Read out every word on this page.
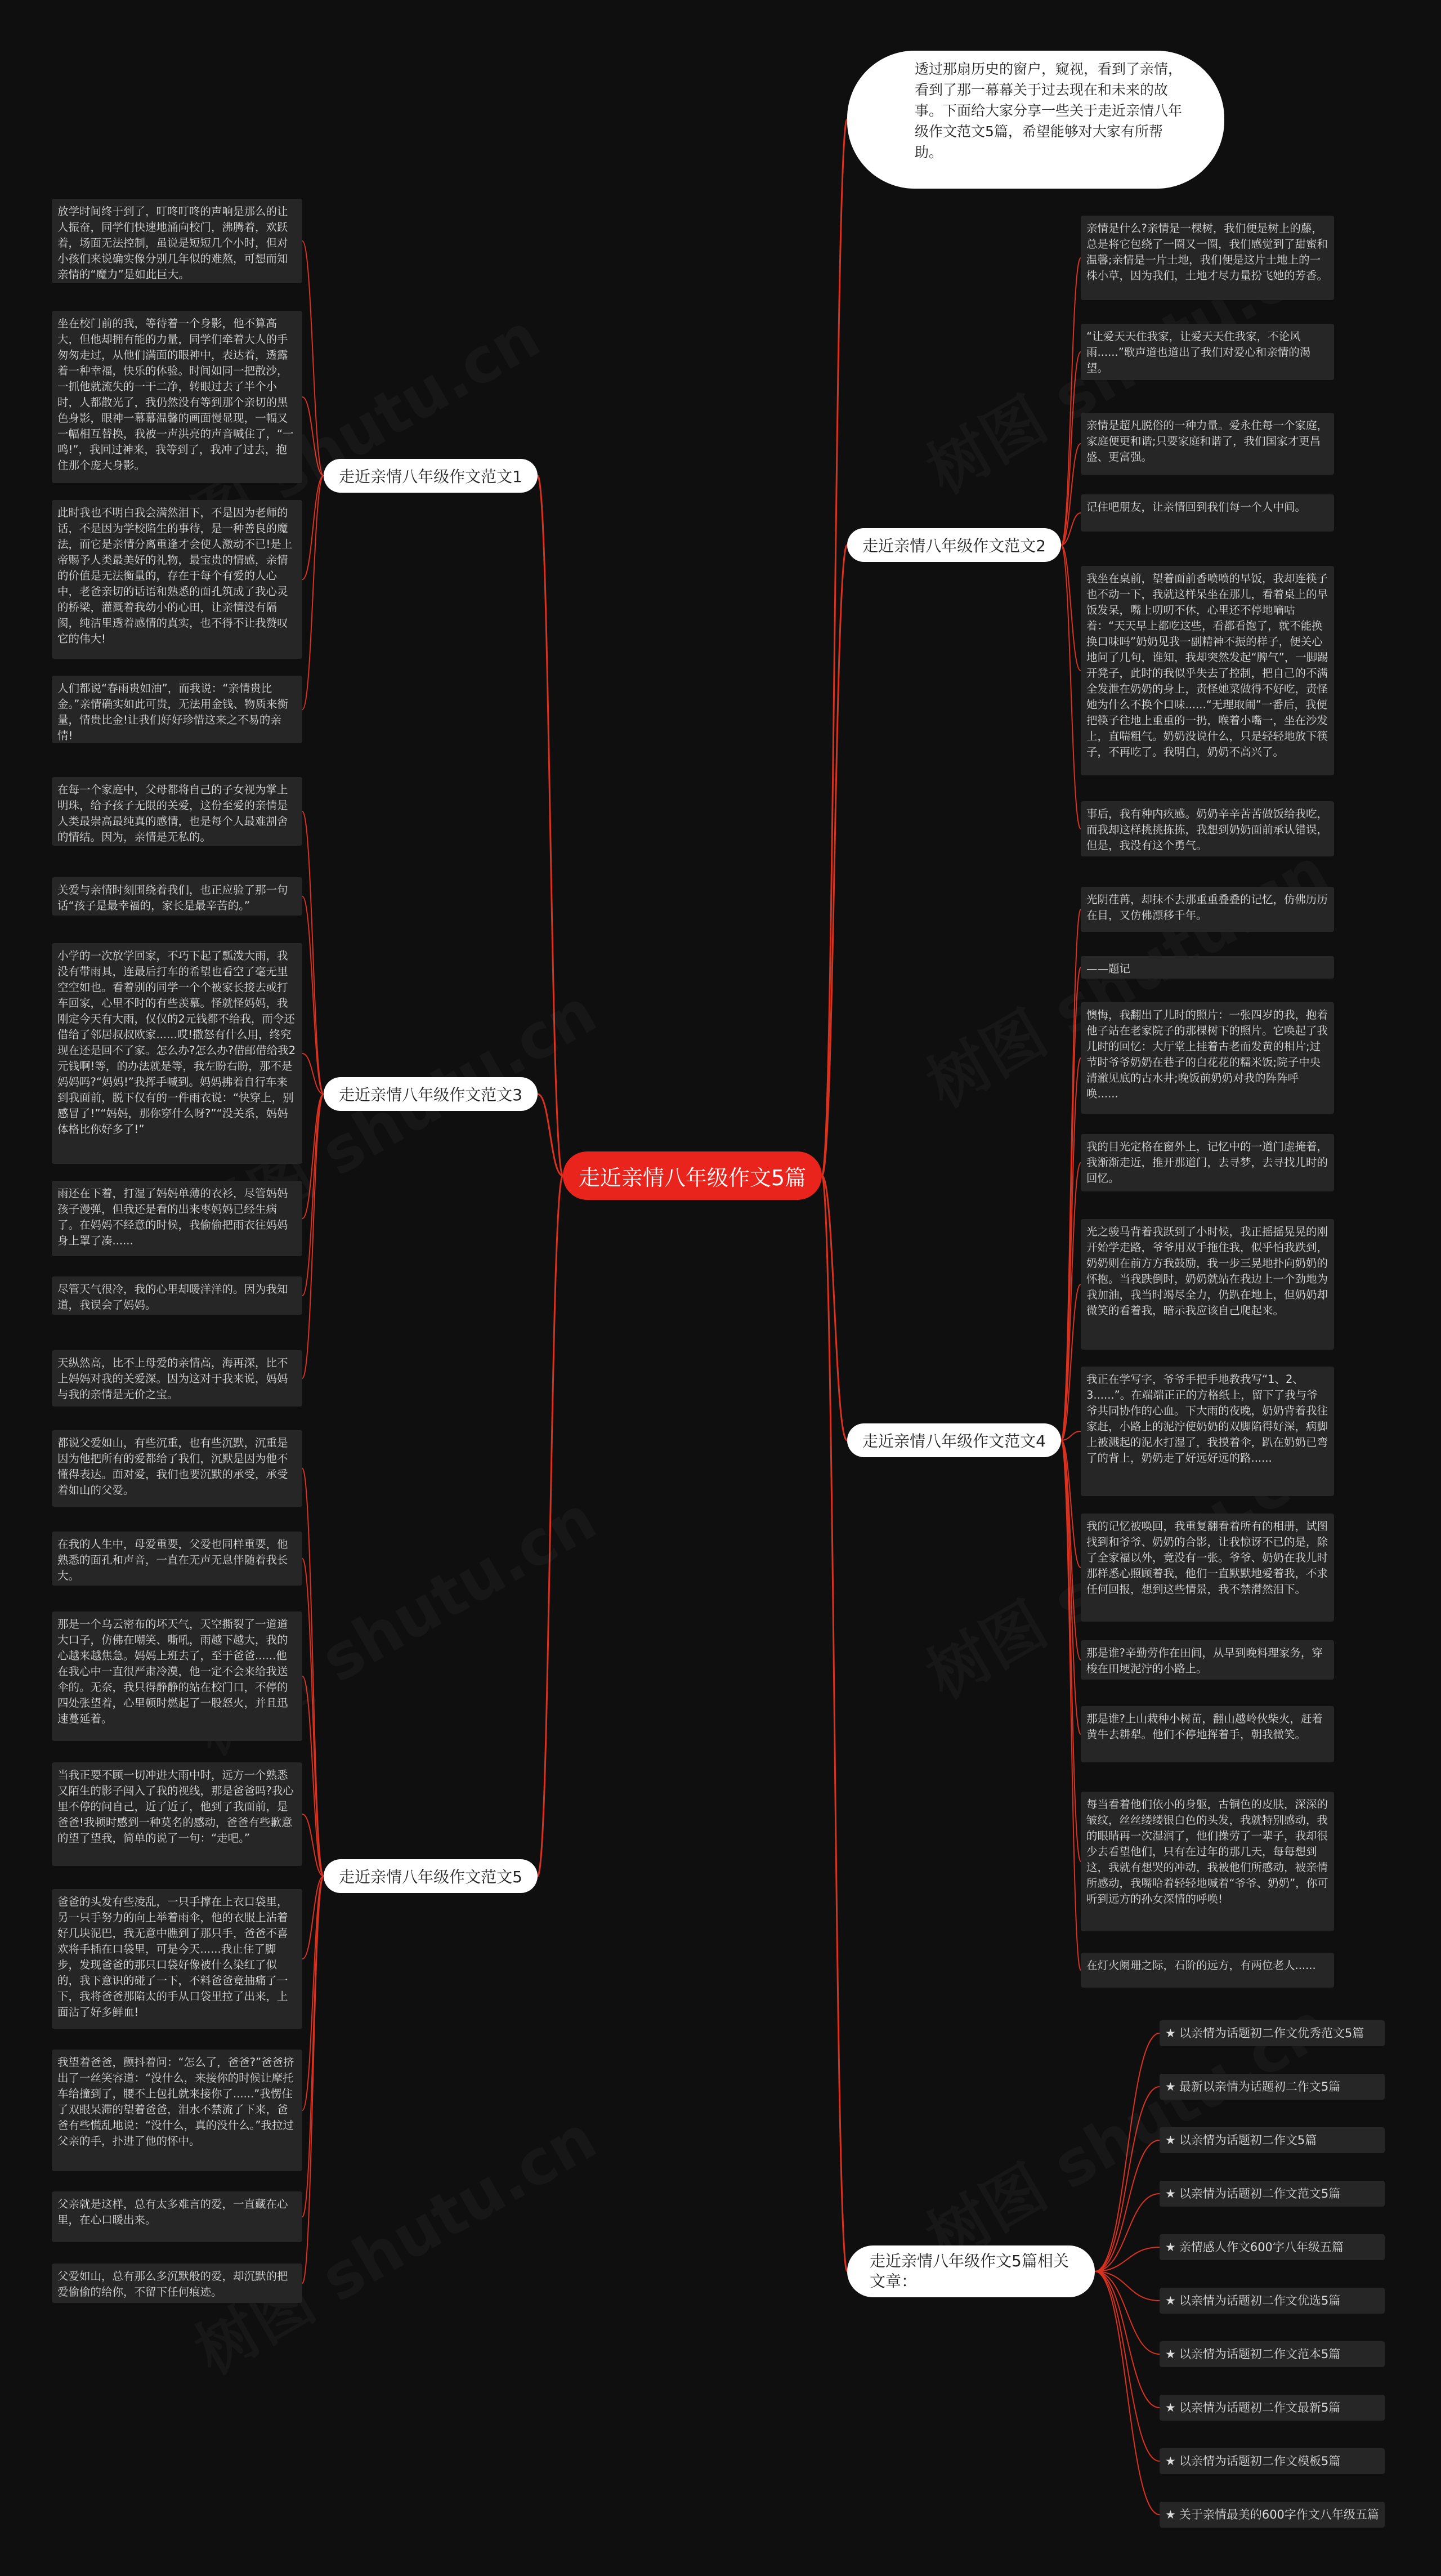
透过那扇历史的窗户，窥视，看到了亲情，看到了那一幕幕关于过去现在和未来的故事。下面给大家分享一些关于走近亲情八年级作文范文5篇，希望能够对大家有所帮助。
走近亲情八年级作文5篇
走近亲情八年级作文范文1
走近亲情八年级作文范文2
走近亲情八年级作文范文3
走近亲情八年级作文范文4
走近亲情八年级作文范文5
走近亲情八年级作文5篇相关文章：
放学时间终于到了，叮咚叮咚的声响是那么的让人振奋，同学们快速地涌向校门，沸腾着，欢跃着，场面无法控制，虽说是短短几个小时，但对小孩们来说确实像分别几年似的难熬，可想而知亲情的“魔力”是如此巨大。
坐在校门前的我，等待着一个身影，他不算高大，但他却拥有能的力量，同学们牵着大人的手匆匆走过，从他们满面的眼神中，表达着，透露着一种幸福，快乐的体验。时间如同一把散沙，一抓他就流失的一干二净，转眼过去了半个小时，人都散光了，我仍然没有等到那个亲切的黑色身影，眼神一幕幕温馨的画面慢显现，一幅又一幅相互替换，我被一声洪亮的声音喊住了，“一鸣!”，我回过神来，我等到了，我冲了过去，抱住那个庞大身影。
此时我也不明白我会满然泪下，不是因为老师的话，不是因为学校陷生的事待，是一种善良的魔法，而它是亲情分离重逢才会使人激动不已!是上帝赐予人类最美好的礼物，最宝贵的情感，亲情的价值是无法衡量的，存在于每个有爱的人心中，老爸亲切的话语和熟悉的面孔筑成了我心灵的桥梁，灌溉着我幼小的心田，让亲情没有隔阂，纯洁里透着感情的真实，也不得不让我赞叹它的伟大!
人们都说“春雨贵如油”，而我说：“亲情贵比金。”亲情确实如此可贵，无法用金钱、物质来衡量，情贵比金!让我们好好珍惜这来之不易的亲情!
亲情是什么?亲情是一棵树，我们便是树上的藤，总是将它包绕了一圈又一圈，我们感觉到了甜蜜和温馨;亲情是一片土地，我们便是这片土地上的一株小草，因为我们，土地才尽力量扮飞她的芳香。
“让爱天天住我家，让爱天天住我家，不论风雨......”歌声道也道出了我们对爱心和亲情的渴望。
亲情是超凡脱俗的一种力量。爱永住每一个家庭，家庭便更和谐;只要家庭和谐了，我们国家才更昌盛、更富强。
记住吧朋友，让亲情回到我们每一个人中间。
我坐在桌前，望着面前香喷喷的早饭，我却连筷子也不动一下，我就这样呆坐在那儿，看着桌上的早饭发呆，嘴上叨叨不休，心里还不停地嘀咕着：“天天早上都吃这些，看都看饱了，就不能换换口味吗”奶奶见我一副精神不振的样子，便关心地问了几句，谁知，我却突然发起“脾气”，一脚踢开凳子，此时的我似乎失去了控制，把自己的不满全发泄在奶奶的身上，责怪她菜做得不好吃，责怪她为什么不换个口味......“无理取闹”一番后，我便把筷子往地上重重的一扔，喉着小嘴一，坐在沙发上，直喘粗气。奶奶没说什么，只是轻轻地放下筷子，不再吃了。我明白，奶奶不高兴了。
事后，我有种内疚感。奶奶辛辛苦苦做饭给我吃，而我却这样挑挑拣拣，我想到奶奶面前承认错误，但是，我没有这个勇气。
在每一个家庭中，父母都将自己的子女视为掌上明珠，给予孩子无限的关爱，这份至爱的亲情是人类最崇高最纯真的感情，也是每个人最难割舍的情结。因为，亲情是无私的。
关爱与亲情时刻围绕着我们，也正应验了那一句话“孩子是最幸福的，家长是最辛苦的。”
小学的一次放学回家，不巧下起了瓢泼大雨，我没有带雨具，连最后打车的希望也看空了毫无里空空如也。看着别的同学一个个被家长接去或打车回家，心里不时的有些羡慕。怪就怪妈妈，我刚定今天有大雨，仅仅的2元钱都不给我，而令还借给了邻居叔叔欧家......哎!撒怒有什么用，终究现在还是回不了家。怎么办?怎么办?借邮借给我2元钱啊!等，的办法就是等，我左盼右盼，那不是妈妈吗?“妈妈!”我挥手喊到。妈妈拂着自行车来到我面前，脱下仅有的一件雨衣说：“快穿上，别感冒了!”“妈妈，那你穿什么呀?”“没关系，妈妈体格比你好多了!”
雨还在下着，打湿了妈妈单薄的衣衫，尽管妈妈孩子漫弹，但我还是看的出来枣妈妈已经生病了。在妈妈不经意的时候，我偷偷把雨衣往妈妈身上罩了凑......
尽管天气很冷，我的心里却暖洋洋的。因为我知道，我误会了妈妈。
天纵然高，比不上母爱的亲情高，海再深，比不上妈妈对我的关爱深。因为这对于我来说，妈妈与我的亲情是无价之宝。
光阴荏苒，却抹不去那重重叠叠的记忆，仿佛历历在目，又仿佛漂移千年。
——题记
懊悔，我翻出了儿时的照片：一张四岁的我，抱着他子站在老家院子的那棵树下的照片。它唤起了我儿时的回忆：大厅堂上挂着古老而发黄的相片;过节时爷爷奶奶在巷子的白花花的糯米饭;院子中央清澈见底的古水井;晚饭前奶奶对我的阵阵呼唤......
我的目光定格在窗外上，记忆中的一道门虚掩着，我渐渐走近，推开那道门，去寻梦，去寻找儿时的回忆。
光之骏马背着我跃到了小时候，我正摇摇晃晃的刚开始学走路，爷爷用双手拖住我，似乎怕我跌到，奶奶则在前方方我鼓励，我一步三晃地扑向奶奶的怀抱。当我跌倒时，奶奶就站在我边上一个劲地为我加油，我当时竭尽全力，仍趴在地上，但奶奶却微笑的看着我，暗示我应该自己爬起来。
我正在学写字，爷爷手把手地教我写“1、2、3......”。在端端正正的方格纸上，留下了我与爷爷共同协作的心血。下大雨的夜晚，奶奶背着我往家赶，小路上的泥泞使奶奶的双脚陷得好深，病脚上被溅起的泥水打湿了，我摸着伞，趴在奶奶已弯了的背上，奶奶走了好远好远的路......
我的记忆被唤回，我重复翻看着所有的相册，试图找到和爷爷、奶奶的合影，让我惊讶不已的是，除了全家福以外，竟没有一张。爷爷、奶奶在我儿时那样悉心照顾着我，他们一直默默地爱着我，不求任何回报，想到这些情景，我不禁潸然泪下。
那是谁?辛勤劳作在田间，从早到晚料理家务，穿梭在田埂泥泞的小路上。
那是谁?上山栽种小树苗，翻山越岭伙柴火，赶着黄牛去耕犁。他们不停地挥着手，朝我微笑。
每当看着他们依小的身躯，古铜色的皮肤，深深的皱纹，丝丝缕缕银白色的头发，我就特别感动，我的眼睛再一次湿润了，他们操劳了一辈子，我却很少去看望他们，只有在过年的那几天，每每想到这，我就有想哭的冲动，我被他们所感动，被亲情所感动，我嘴哈着轻轻地喊着“爷爷、奶奶”，你可听到远方的孙女深情的呼唤!
在灯火阑珊之际，石阶的远方，有两位老人......
都说父爱如山，有些沉重，也有些沉默，沉重是因为他把所有的爱都给了我们，沉默是因为他不懂得表达。面对爱，我们也要沉默的承受，承受着如山的父爱。
在我的人生中，母爱重要，父爱也同样重要，他熟悉的面孔和声音，一直在无声无息伴随着我长大。
那是一个乌云密布的坏天气，天空撕裂了一道道大口子，仿佛在嘲笑、嘶吼，雨越下越大，我的心越来越焦急。妈妈上班去了，至于爸爸......他在我心中一直很严肃冷漠，他一定不会来给我送伞的。无奈，我只得静静的站在校门口，不停的四处张望着，心里顿时燃起了一股怒火，并且迅速蔓延着。
当我正要不顾一切冲进大雨中时，远方一个熟悉又陌生的影子闯入了我的视线，那是爸爸吗?我心里不停的问自己，近了近了，他到了我面前，是爸爸!我顿时感到一种莫名的感动，爸爸有些歉意的望了望我，简单的说了一句：“走吧。”
爸爸的头发有些凌乱，一只手撑在上衣口袋里，另一只手努力的向上举着雨伞，他的衣服上沾着好几块泥巴，我无意中瞧到了那只手，爸爸不喜欢将手插在口袋里，可是今天......我止住了脚步，发现爸爸的那只口袋好像被什么染红了似的，我下意识的碰了一下，不料爸爸竟抽痛了一下，我将爸爸那陷太的手从口袋里拉了出来，上面沾了好多鲜血!
我望着爸爸，颤抖着问：“怎么了，爸爸?”爸爸挤出了一丝笑容道：“没什么，来接你的时候让摩托车给撞到了，腰不上包扎就来接你了......”我愣住了双眼呆滞的望着爸爸，泪水不禁流了下来，爸爸有些慌乱地说：“没什么，真的没什么。”我拉过父亲的手，扑进了他的怀中。
父亲就是这样，总有太多难言的爱，一直藏在心里，在心口暖出来。
父爱如山，总有那么多沉默般的爱，却沉默的把爱偷偷的给你，不留下任何痕迹。
★ 以亲情为话题初二作文优秀范文5篇
★ 最新以亲情为话题初二作文5篇
★ 以亲情为话题初二作文5篇
★ 以亲情为话题初二作文范文5篇
★ 亲情感人作文600字八年级五篇
★ 以亲情为话题初二作文优选5篇
★ 以亲情为话题初二作文范本5篇
★ 以亲情为话题初二作文最新5篇
★ 以亲情为话题初二作文模板5篇
★ 关于亲情最美的600字作文八年级五篇
